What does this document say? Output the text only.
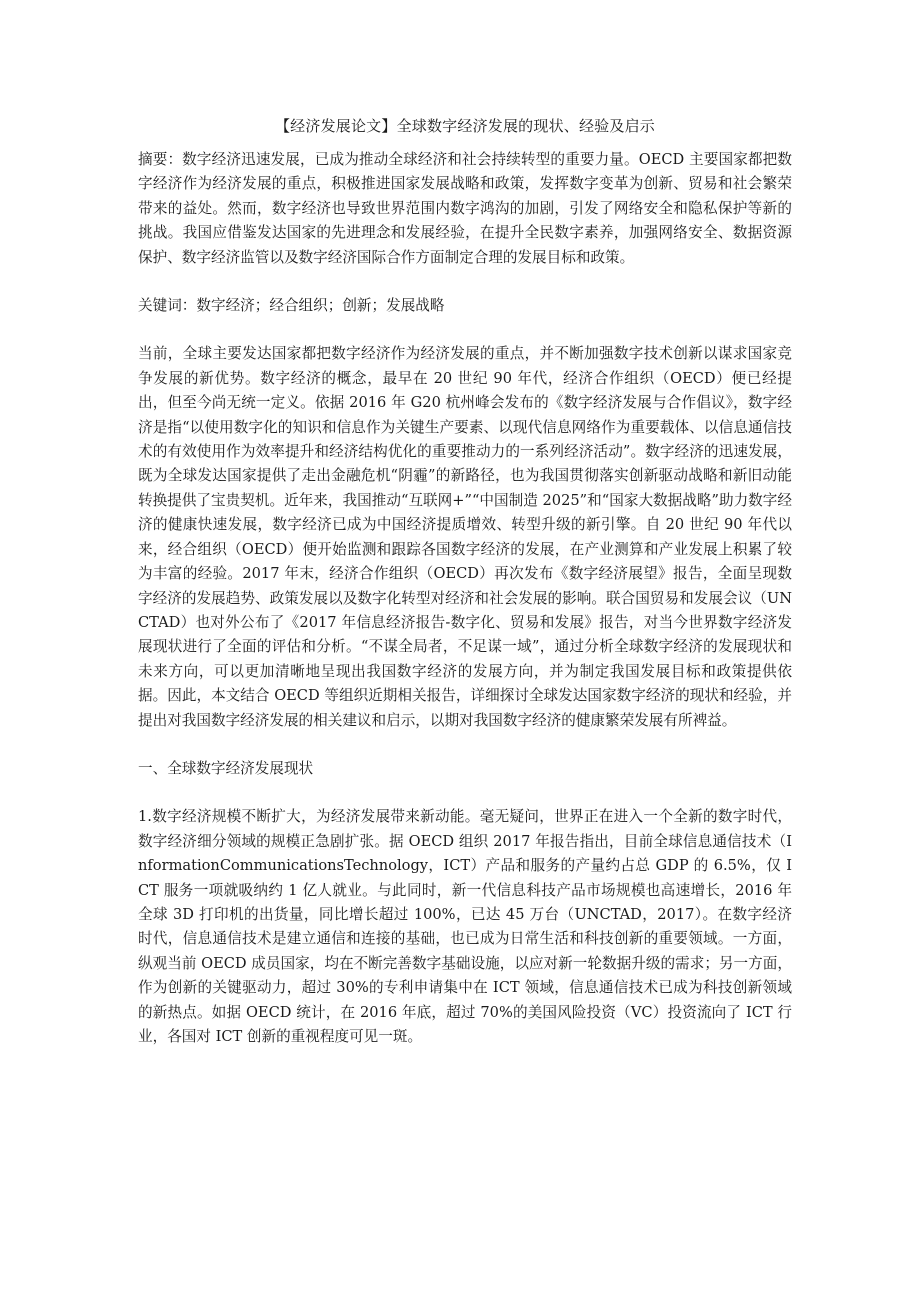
【经济发展论文】全球数字经济发展的现状、经验及启示

摘要：数字经济迅速发展，已成为推动全球经济和社会持续转型的重要力量。OECD 主要国家都把数字经济作为经济发展的重点，积极推进国家发展战略和政策，发挥数字变革为创新、贸易和社会繁荣带来的益处。然而，数字经济也导致世界范围内数字鸿沟的加剧，引发了网络安全和隐私保护等新的挑战。我国应借鉴发达国家的先进理念和发展经验，在提升全民数字素养，加强网络安全、数据资源保护、数字经济监管以及数字经济国际合作方面制定合理的发展目标和政策。

关键词：数字经济；经合组织；创新；发展战略

当前，全球主要发达国家都把数字经济作为经济发展的重点，并不断加强数字技术创新以谋求国家竞争发展的新优势。数字经济的概念，最早在 20 世纪 90 年代，经济合作组织（OECD）便已经提出，但至今尚无统一定义。依据 2016 年 G20 杭州峰会发布的《数字经济发展与合作倡议》，数字经济是指“以使用数字化的知识和信息作为关键生产要素、以现代信息网络作为重要载体、以信息通信技术的有效使用作为效率提升和经济结构优化的重要推动力的一系列经济活动”。数字经济的迅速发展，既为全球发达国家提供了走出金融危机“阴霾”的新路径，也为我国贯彻落实创新驱动战略和新旧动能转换提供了宝贵契机。近年来，我国推动“互联网+”“中国制造 2025”和“国家大数据战略”助力数字经济的健康快速发展，数字经济已成为中国经济提质增效、转型升级的新引擎。自 20 世纪 90 年代以来，经合组织（OECD）便开始监测和跟踪各国数字经济的发展，在产业测算和产业发展上积累了较为丰富的经验。2017 年末，经济合作组织（OECD）再次发布《数字经济展望》报告，全面呈现数字经济的发展趋势、政策发展以及数字化转型对经济和社会发展的影响。联合国贸易和发展会议（UNCTAD）也对外公布了《2017 年信息经济报告-数字化、贸易和发展》报告，对当今世界数字经济发展现状进行了全面的评估和分析。“不谋全局者，不足谋一域”，通过分析全球数字经济的发展现状和未来方向，可以更加清晰地呈现出我国数字经济的发展方向，并为制定我国发展目标和政策提供依据。因此，本文结合 OECD 等组织近期相关报告，详细探讨全球发达国家数字经济的现状和经验，并提出对我国数字经济发展的相关建议和启示，以期对我国数字经济的健康繁荣发展有所裨益。

一、全球数字经济发展现状

1.数字经济规模不断扩大，为经济发展带来新动能。毫无疑问，世界正在进入一个全新的数字时代，数字经济细分领域的规模正急剧扩张。据 OECD 组织 2017 年报告指出，目前全球信息通信技术（InformationCommunicationsTechnology，ICT）产品和服务的产量约占总 GDP 的 6.5%，仅 ICT 服务一项就吸纳约 1 亿人就业。与此同时，新一代信息科技产品市场规模也高速增长，2016 年全球 3D 打印机的出货量，同比增长超过 100%，已达 45 万台（UNCTAD，2017）。在数字经济时代，信息通信技术是建立通信和连接的基础，也已成为日常生活和科技创新的重要领域。一方面，纵观当前 OECD 成员国家，均在不断完善数字基础设施，以应对新一轮数据升级的需求；另一方面，作为创新的关键驱动力，超过 30%的专利申请集中在 ICT 领域，信息通信技术已成为科技创新领域的新热点。如据 OECD 统计，在 2016 年底，超过 70%的美国风险投资（VC）投资流向了 ICT 行业，各国对 ICT 创新的重视程度可见一斑。
